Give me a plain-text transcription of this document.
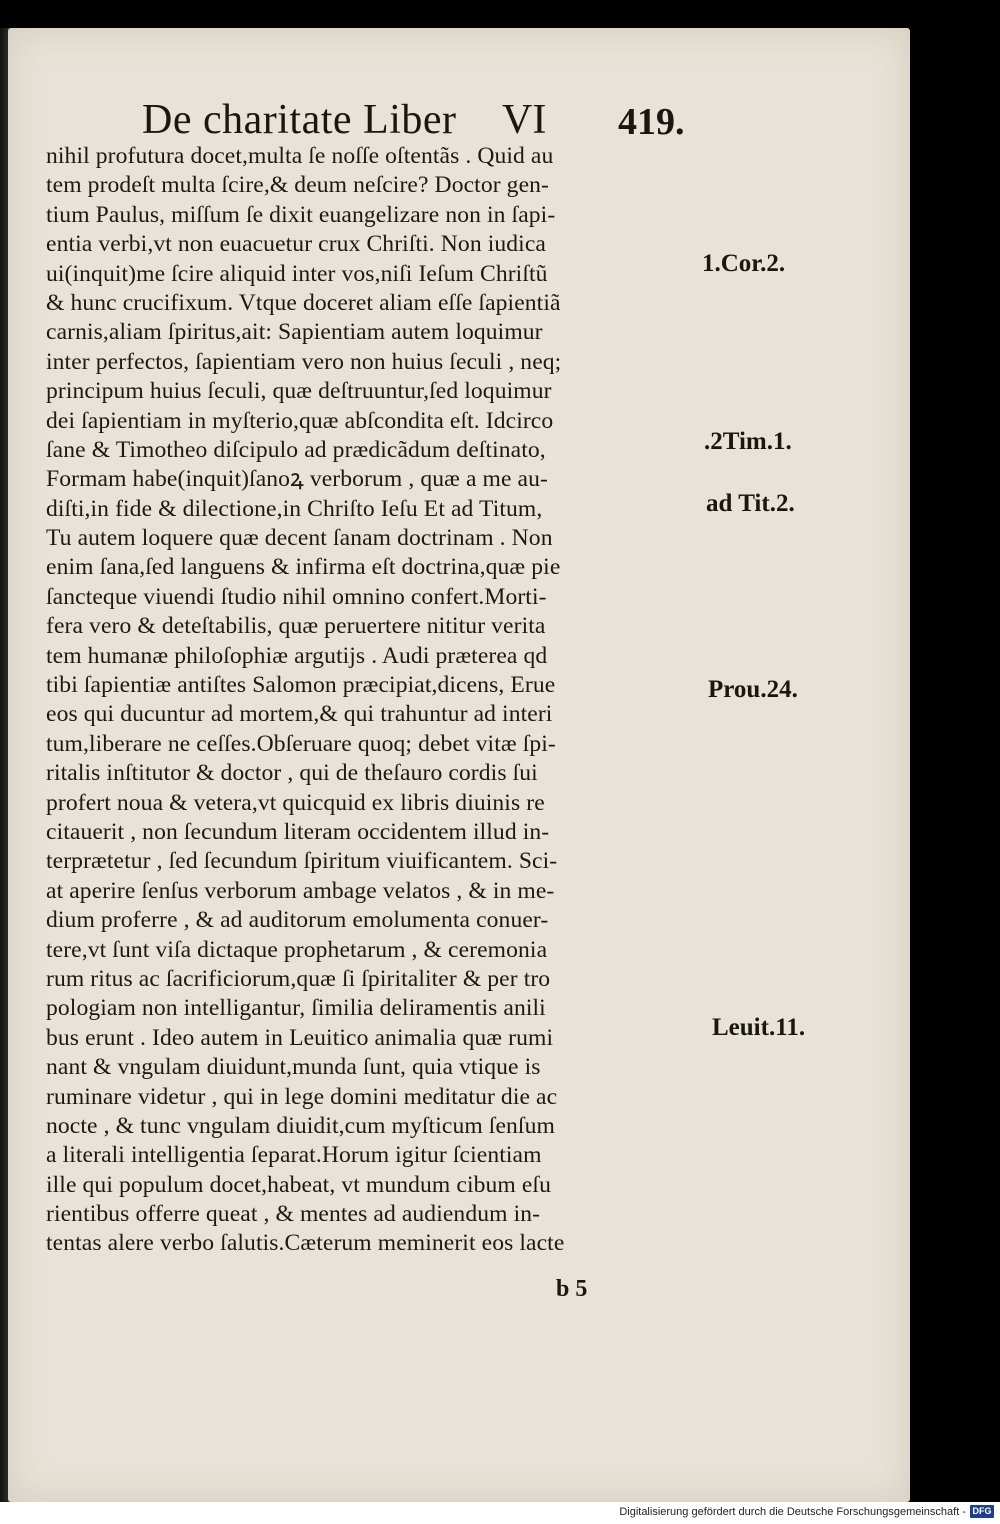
De charitate Liber VI 419.
nihil profutura docet,multa ſe noſſe oſtentãs . Quid au
tem prodeſt multa ſcire,& deum neſcire? Doctor gen-
tium Paulus, miſſum ſe dixit euangelizare non in ſapi-
entia verbi,vt non euacuetur crux Chriſti. Non iudica
ui(inquit)me ſcire aliquid inter vos,niſi Ieſum Chriſtũ
& hunc crucifixum. Vtque doceret aliam eſſe ſapientiã
carnis,aliam ſpiritus,ait: Sapientiam autem loquimur
inter perfectos, ſapientiam vero non huius ſeculi , neq;
principum huius ſeculi, quæ deſtruuntur,ſed loquimur
dei ſapientiam in myſterio,quæ abſcondita eſt. Idcirco
ſane & Timotheo diſcipulo ad prædicãdum deſtinato,
Formam habe(inquit)ſanoꝝ verborum , quæ a me au-
diſti,in fide & dilectione,in Chriſto Ieſu Et ad Titum,
Tu autem loquere quæ decent ſanam doctrinam . Non
enim ſana,ſed languens & infirma eſt doctrina,quæ pie
ſancteque viuendi ſtudio nihil omnino confert.Morti-
fera vero & deteſtabilis, quæ peruertere nititur verita
tem humanæ philoſophiæ argutijs . Audi præterea qd
tibi ſapientiæ antiſtes Salomon præcipiat,dicens, Erue
eos qui ducuntur ad mortem,& qui trahuntur ad interi
tum,liberare ne ceſſes.Obſeruare quoq; debet vitæ ſpi-
ritalis inſtitutor & doctor , qui de theſauro cordis ſui
profert noua & vetera,vt quicquid ex libris diuinis re
citauerit , non ſecundum literam occidentem illud in-
terprætetur , ſed ſecundum ſpiritum viuificantem. Sci-
at aperire ſenſus verborum ambage velatos , & in me-
dium proferre , & ad auditorum emolumenta conuer-
tere,vt ſunt viſa dictaque prophetarum , & ceremonia
rum ritus ac ſacrificiorum,quæ ſi ſpiritaliter & per tro
pologiam non intelligantur, ſimilia deliramentis anili
bus erunt . Ideo autem in Leuitico animalia quæ rumi
nant & vngulam diuidunt,munda ſunt, quia vtique is
ruminare videtur , qui in lege domini meditatur die ac
nocte , & tunc vngulam diuidit,cum myſticum ſenſum
a literali intelligentia ſeparat.Horum igitur ſcientiam
ille qui populum docet,habeat, vt mundum cibum eſu
rientibus offerre queat , & mentes ad audiendum in-
tentas alere verbo ſalutis.Cæterum meminerit eos lacte
1.Cor.2.
.2Tim.1.
ad Tit.2.
Prou.24.
Leuit.11.
b 5
Digitalisierung gefördert durch die Deutsche Forschungsgemeinschaft - DFG
